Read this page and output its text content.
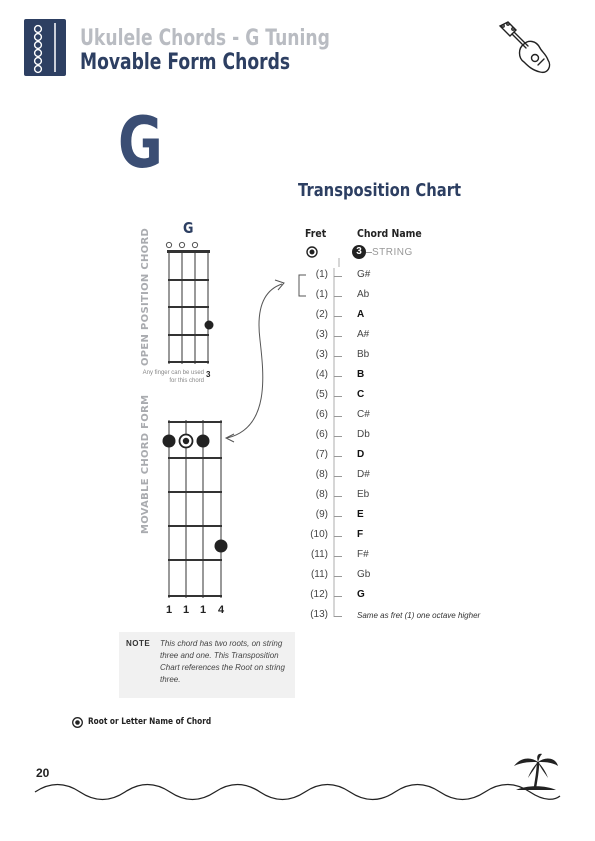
Ukulele Chords - G Tuning
Movable Form Chords
G
Transposition Chart
G
OPEN POSITION CHORD
MOVABLE CHORD FORM
Any finger can be used for this chord
3
1 1 1 4
Fret	Chord Name
3	STRING
(1)	G#
(1)	Ab
(2)	A
(3)	A#
(3)	Bb
(4)	B
(5)	C
(6)	C#
(6)	Db
(7)	D
(8)	D#
(8)	Eb
(9)	E
(10)	F
(11)	F#
(11)	Gb
(12)	G
(13)	Same as fret (1) one octave higher
NOTE This chord has two roots, on string three and one. This Transposition Chart references the Root on string three.
Root or Letter Name of Chord
20
